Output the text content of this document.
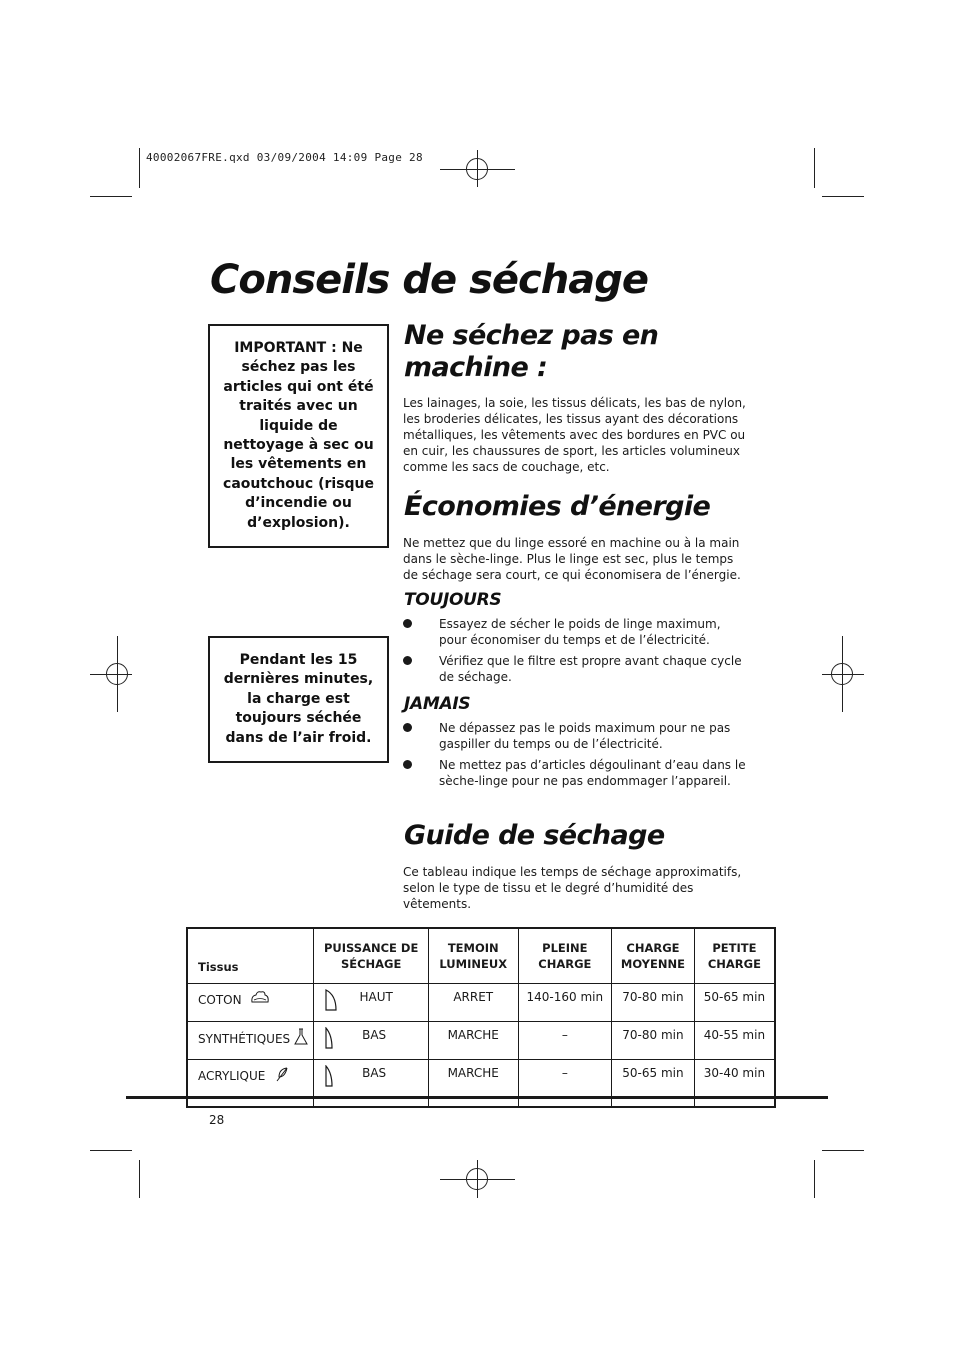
40002067FRE.qxd 03/09/2004 14:09 Page 28
Conseils de séchage
IMPORTANT : Ne séchez pas les articles qui ont été traités avec un liquide de nettoyage à sec ou les vêtements en caoutchouc (risque d’incendie ou d’explosion).
Pendant les 15 dernières minutes, la charge est toujours séchée dans de l’air froid.
Ne séchez pas en
machine :
Les lainages, la soie, les tissus délicats, les bas de nylon, les broderies délicates, les tissus ayant des décorations métalliques, les vêtements avec des bordures en PVC ou en cuir, les chaussures de sport, les articles volumineux comme les sacs de couchage, etc.
Économies d’énergie
Ne mettez que du linge essoré en machine ou à la main dans le sèche-linge. Plus le linge est sec, plus le temps de séchage sera court, ce qui économisera de l’énergie.
TOUJOURS
Essayez de sécher le poids de linge maximum, pour économiser du temps et de l’électricité.
Vérifiez que le filtre est propre avant chaque cycle de séchage.
JAMAIS
Ne dépassez pas le poids maximum pour ne pas gaspiller du temps ou de l’électricité.
Ne mettez pas d’articles dégoulinant d’eau dans le sèche-linge pour ne pas endommager l’appareil.
Guide de séchage
Ce tableau indique les temps de séchage approximatifs, selon le type de tissu et le degré d’humidité des vêtements.
Tissus	PUISSANCE DE SÉCHAGE	TEMOIN LUMINEUX	PLEINE CHARGE	CHARGE MOYENNE	PETITE CHARGE

COTON	HAUT	ARRET	140-160 min	70-80 min	50-65 min

SYNTHÉTIQUES	BAS	MARCHE	–	70-80 min	40-55 min

ACRYLIQUE	BAS	MARCHE	–	50-65 min	30-40 min
28
